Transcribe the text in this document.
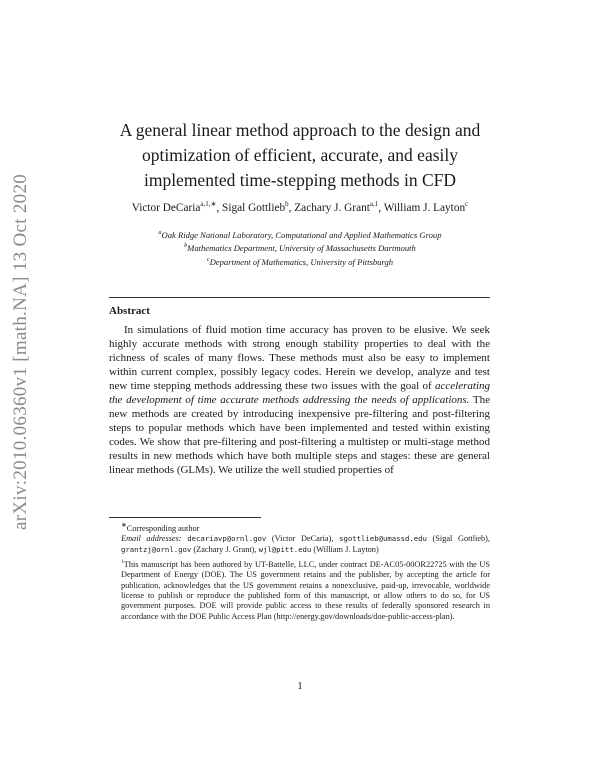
arXiv:2010.06360v1 [math.NA] 13 Oct 2020
A general linear method approach to the design and
optimization of efficient, accurate, and easily
implemented time-stepping methods in CFD
Victor DeCaria$^{a,1,∗}$, Sigal Gottlieb$^b$, Zachary J. Grant$^{a,1}$, William J. Layton$^c$
$^a$Oak Ridge National Laboratory, Computational and Applied Mathematics Group
$^b$Mathematics Department, University of Massachusetts Dartmouth
$^c$Department of Mathematics, University of Pittsburgh
Abstract

In simulations of fluid motion time accuracy has proven to be elusive. We seek highly accurate methods with strong enough stability properties to deal with the richness of scales of many flows. These methods must also be easy to implement within current complex, possibly legacy codes. Herein we develop, analyze and test new time stepping methods addressing these two issues with the goal of accelerating the development of time accurate methods addressing the needs of applications. The new methods are created by introducing inexpensive pre-filtering and post-filtering steps to popular methods which have been implemented and tested within existing codes. We show that pre-filtering and post-filtering a multistep or multi-stage method results in new methods which have both multiple steps and stages: these are general linear methods (GLMs). We utilize the well studied properties of

∗Corresponding author

Email addresses: decariavp@ornl.gov (Victor DeCaria), sgottlieb@umassd.edu (Sigal Gottlieb), grantzj@ornl.gov (Zachary J. Grant), wjl@pitt.edu (William J. Layton)

$^1$This manuscript has been authored by UT-Battelle, LLC, under contract DE-AC05-00OR22725 with the US Department of Energy (DOE). The US government retains and the publisher, by accepting the article for publication, acknowledges that the US government retains a nonexclusive, paid-up, irrevocable, worldwide license to publish or reproduce the published form of this manuscript, or allow others to do so, for US government purposes. DOE will provide public access to these results of federally sponsored research in accordance with the DOE Public Access Plan (http://energy.gov/downloads/doe-public-access-plan).

1
